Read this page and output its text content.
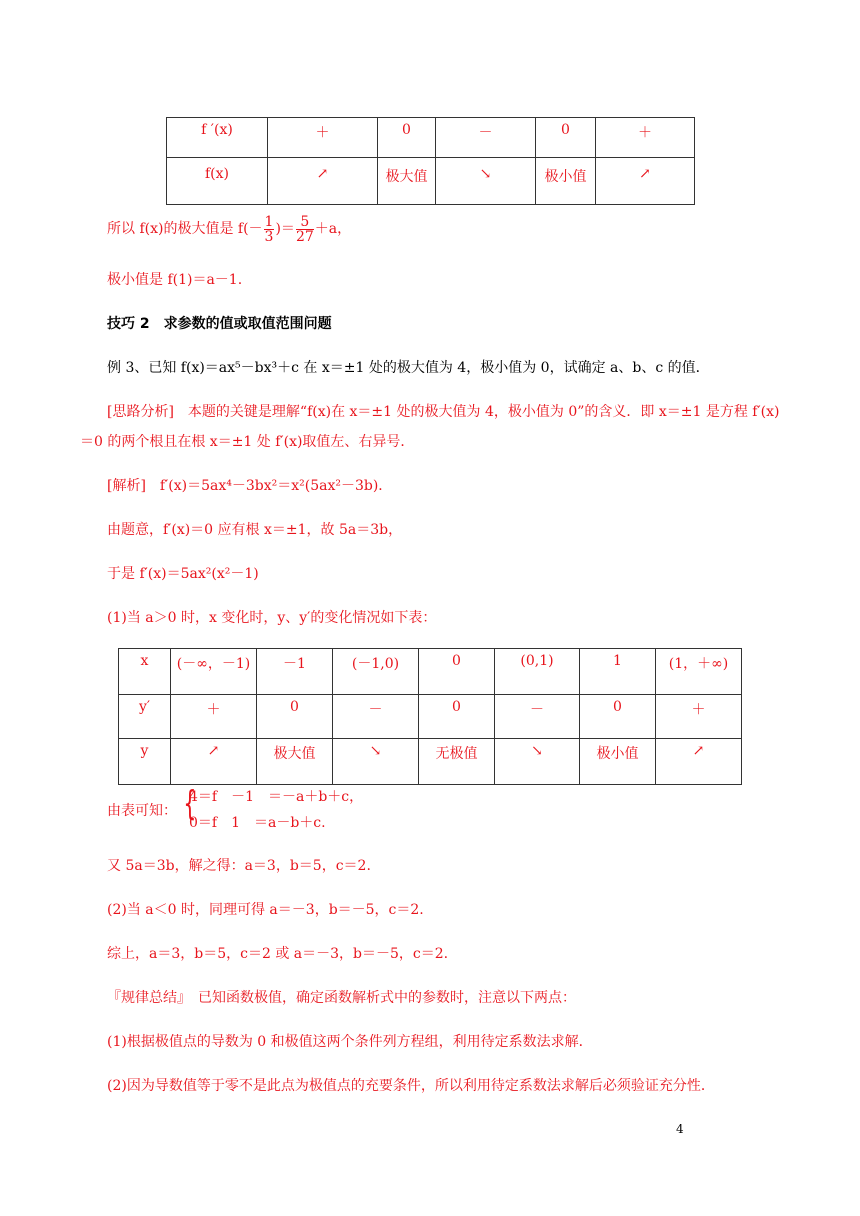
f ′(x)	＋	0	－	0	＋
f(x)	↗	极大值	↘	极小值	↗
所以 f(x)的极大值是 $f(- \frac{1}{3}$ )＝ $\frac{5}{27} +a$，
极小值是 f(1)＝a－1.
技巧 2　求参数的值或取值范围问题
例 3、已知 f(x)＝ax⁵－bx³＋c 在 x＝±1 处的极大值为 4，极小值为 0，试确定 a、b、c 的值．
[思路分析]　本题的关键是理解“f(x)在 x＝±1 处的极大值为 4，极小值为 0”的含义．即 x＝±1 是方程 f′(x)
＝0 的两个根且在根 x＝±1 处 f′(x)取值左、右异号．
[解析]　f′(x)＝5ax⁴－3bx²＝x²(5ax²－3b)．
由题意，f′(x)＝0 应有根 x＝±1，故 5a＝3b，
于是 f′(x)＝5ax²(x²－1)
(1)当 a＞0 时，x 变化时，y、y′的变化情况如下表：
x	(－∞，－1)	－1	(－1,0)	0	(0,1)	1	(1，＋∞)
y′	＋	0	－	0	－	0	＋
y	↗	极大值	↘	无极值	↘	极小值	↗
由表可知： {
4＝f　－1　＝－a＋b＋c，
0＝f　1　＝a－b＋c.
又 5a＝3b，解之得：a＝3，b＝5，c＝2.
(2)当 a＜0 时，同理可得 a＝－3，b＝－5，c＝2.
综上，a＝3，b＝5，c＝2 或 a＝－3，b＝－5，c＝2.
『规律总结』　已知函数极值，确定函数解析式中的参数时，注意以下两点：
(1)根据极值点的导数为 0 和极值这两个条件列方程组，利用待定系数法求解．
(2)因为导数值等于零不是此点为极值点的充要条件，所以利用待定系数法求解后必须验证充分性．
4
